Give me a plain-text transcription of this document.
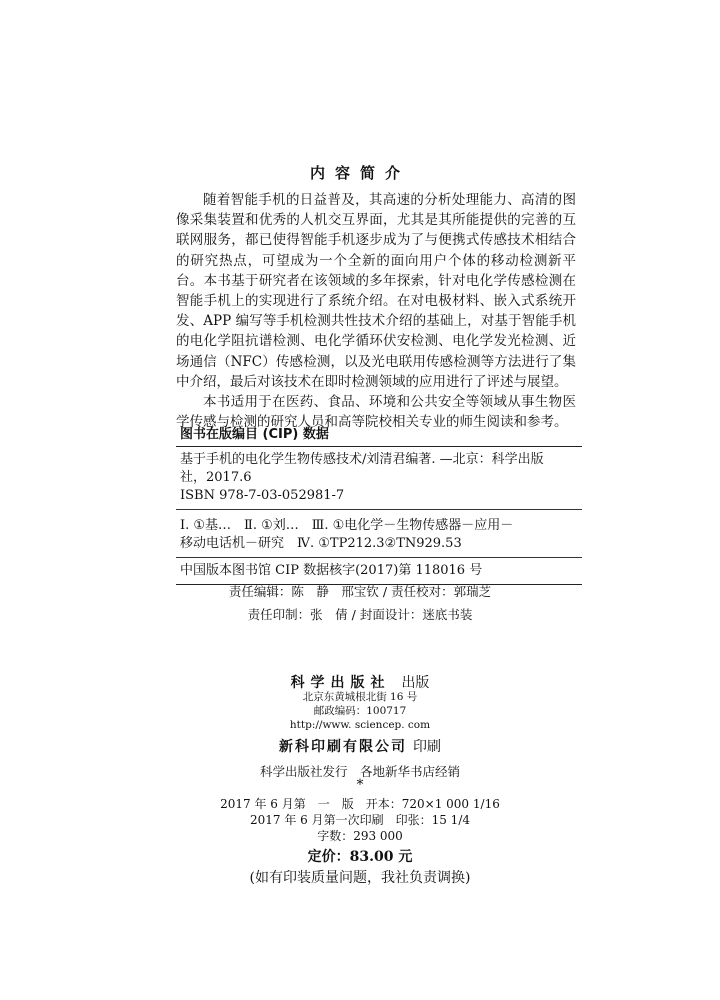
内容简介

随着智能手机的日益普及，其高速的分析处理能力、高清的图像采集装置和优秀的人机交互界面，尤其是其所能提供的完善的互联网服务，都已使得智能手机逐步成为了与便携式传感技术相结合的研究热点，可望成为一个全新的面向用户个体的移动检测新平台。本书基于研究者在该领域的多年探索，针对电化学传感检测在智能手机上的实现进行了系统介绍。在对电极材料、嵌入式系统开发、APP 编写等手机检测共性技术介绍的基础上，对基于智能手机的电化学阻抗谱检测、电化学循环伏安检测、电化学发光检测、近场通信（NFC）传感检测，以及光电联用传感检测等方法进行了集中介绍，最后对该技术在即时检测领域的应用进行了评述与展望。

本书适用于在医药、食品、环境和公共安全等领域从事生物医学传感与检测的研究人员和高等院校相关专业的师生阅读和参考。

图书在版编目 (CIP) 数据
基于手机的电化学生物传感技术/刘清君编著. —北京：科学出版
社，2017.6
ISBN 978-7-03-052981-7
Ⅰ. ①基…　Ⅱ. ①刘…　Ⅲ. ①电化学－生物传感器－应用－
移动电话机－研究　Ⅳ. ①TP212.3②TN929.53
中国版本图书馆 CIP 数据核字(2017)第 118016 号
责任编辑：陈　静　邢宝钦 / 责任校对：郭瑞芝
责任印制：张　倩 / 封面设计：迷底书装
科学出版社 出版
北京东黄城根北街 16 号
邮政编码：100717
http://www. sciencep. com
新科印刷有限公司 印刷
科学出版社发行　各地新华书店经销
*
2017 年 6 月第　一　版　开本：720×1 000 1/16
2017 年 6 月第一次印刷　印张：15 1/4
字数：293 000
定价：83.00 元
(如有印装质量问题，我社负责调换)
